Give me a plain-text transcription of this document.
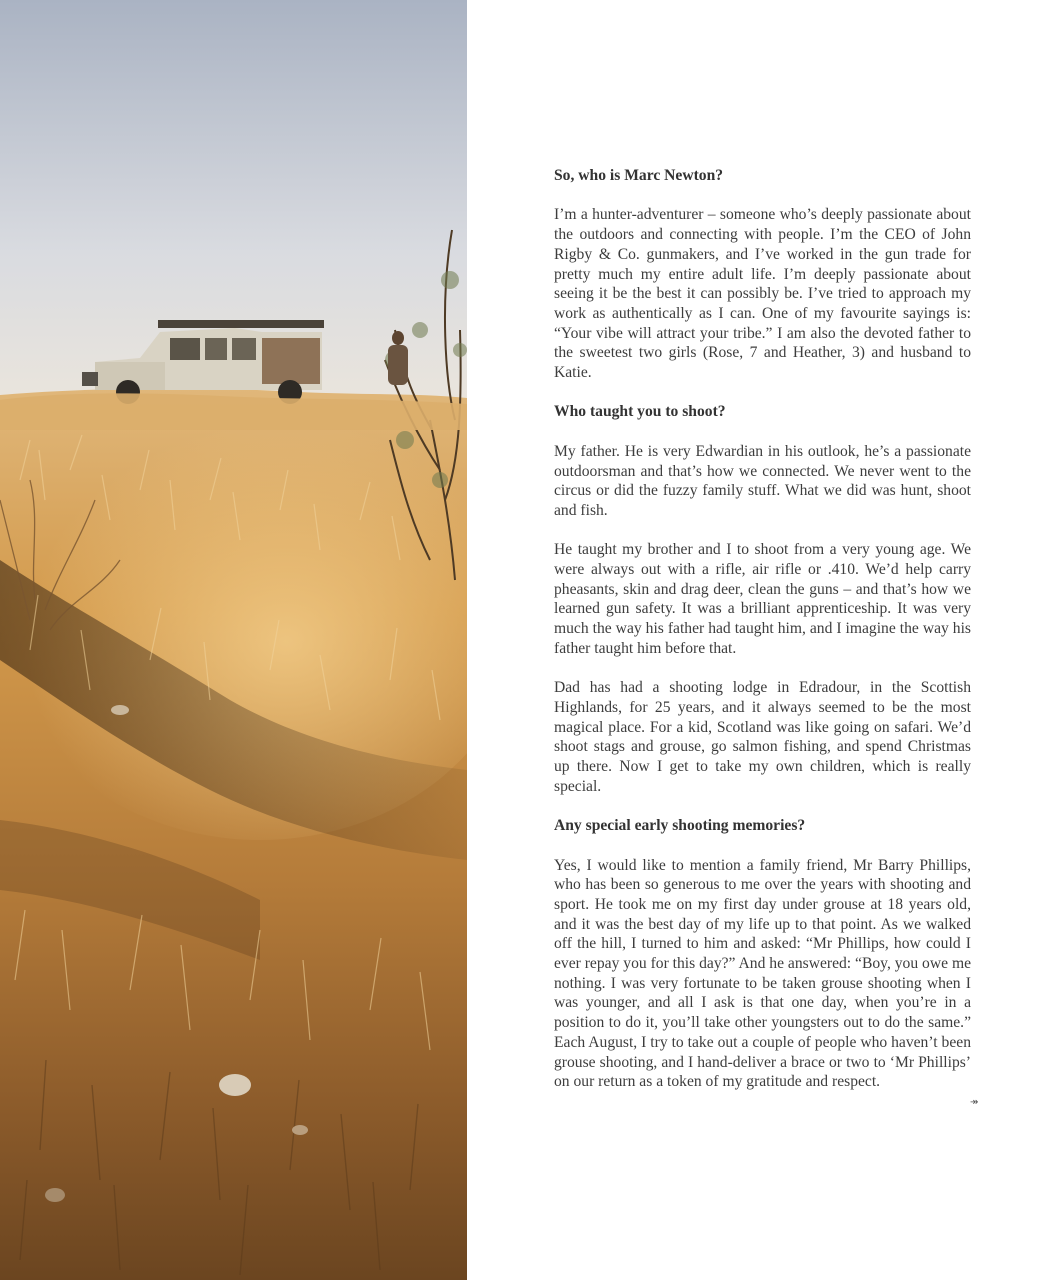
So, who is Marc Newton?

I’m a hunter-adventurer – someone who’s deeply passionate about the outdoors and connecting with people. I’m the CEO of John Rigby & Co. gunmakers, and I’ve worked in the gun trade for pretty much my entire adult life. I’m deeply passionate about seeing it be the best it can possibly be. I’ve tried to approach my work as authentically as I can. One of my favourite sayings is: “Your vibe will attract your tribe.” I am also the devoted father to the sweetest two girls (Rose, 7 and Heather, 3) and husband to Katie.

Who taught you to shoot?

My father. He is very Edwardian in his outlook, he’s a passionate outdoorsman and that’s how we connected. We never went to the circus or did the fuzzy family stuff. What we did was hunt, shoot and fish.

He taught my brother and I to shoot from a very young age. We were always out with a rifle, air rifle or .410. We’d help carry pheasants, skin and drag deer, clean the guns – and that’s how we learned gun safety. It was a brilliant apprenticeship. It was very much the way his father had taught him, and I imagine the way his father taught him before that.

Dad has had a shooting lodge in Edradour, in the Scottish Highlands, for 25 years, and it always seemed to be the most magical place. For a kid, Scotland was like going on safari. We’d shoot stags and grouse, go salmon fishing, and spend Christmas up there. Now I get to take my own children, which is really special.

Any special early shooting memories?

Yes, I would like to mention a family friend, Mr Barry Phillips, who has been so generous to me over the years with shooting and sport. He took me on my first day under grouse at 18 years old, and it was the best day of my life up to that point. As we walked off the hill, I turned to him and asked: “Mr Phillips, how could I ever repay you for this day?” And he answered: “Boy, you owe me nothing. I was very fortunate to be taken grouse shooting when I was younger, and all I ask is that one day, when you’re in a position to do it, you’ll take other youngsters out to do the same.” Each August, I try to take out a couple of people who haven’t been grouse shooting, and I hand-deliver a brace or two to ‘Mr Phillips’ on our return as a token of my gratitude and respect.

↠
